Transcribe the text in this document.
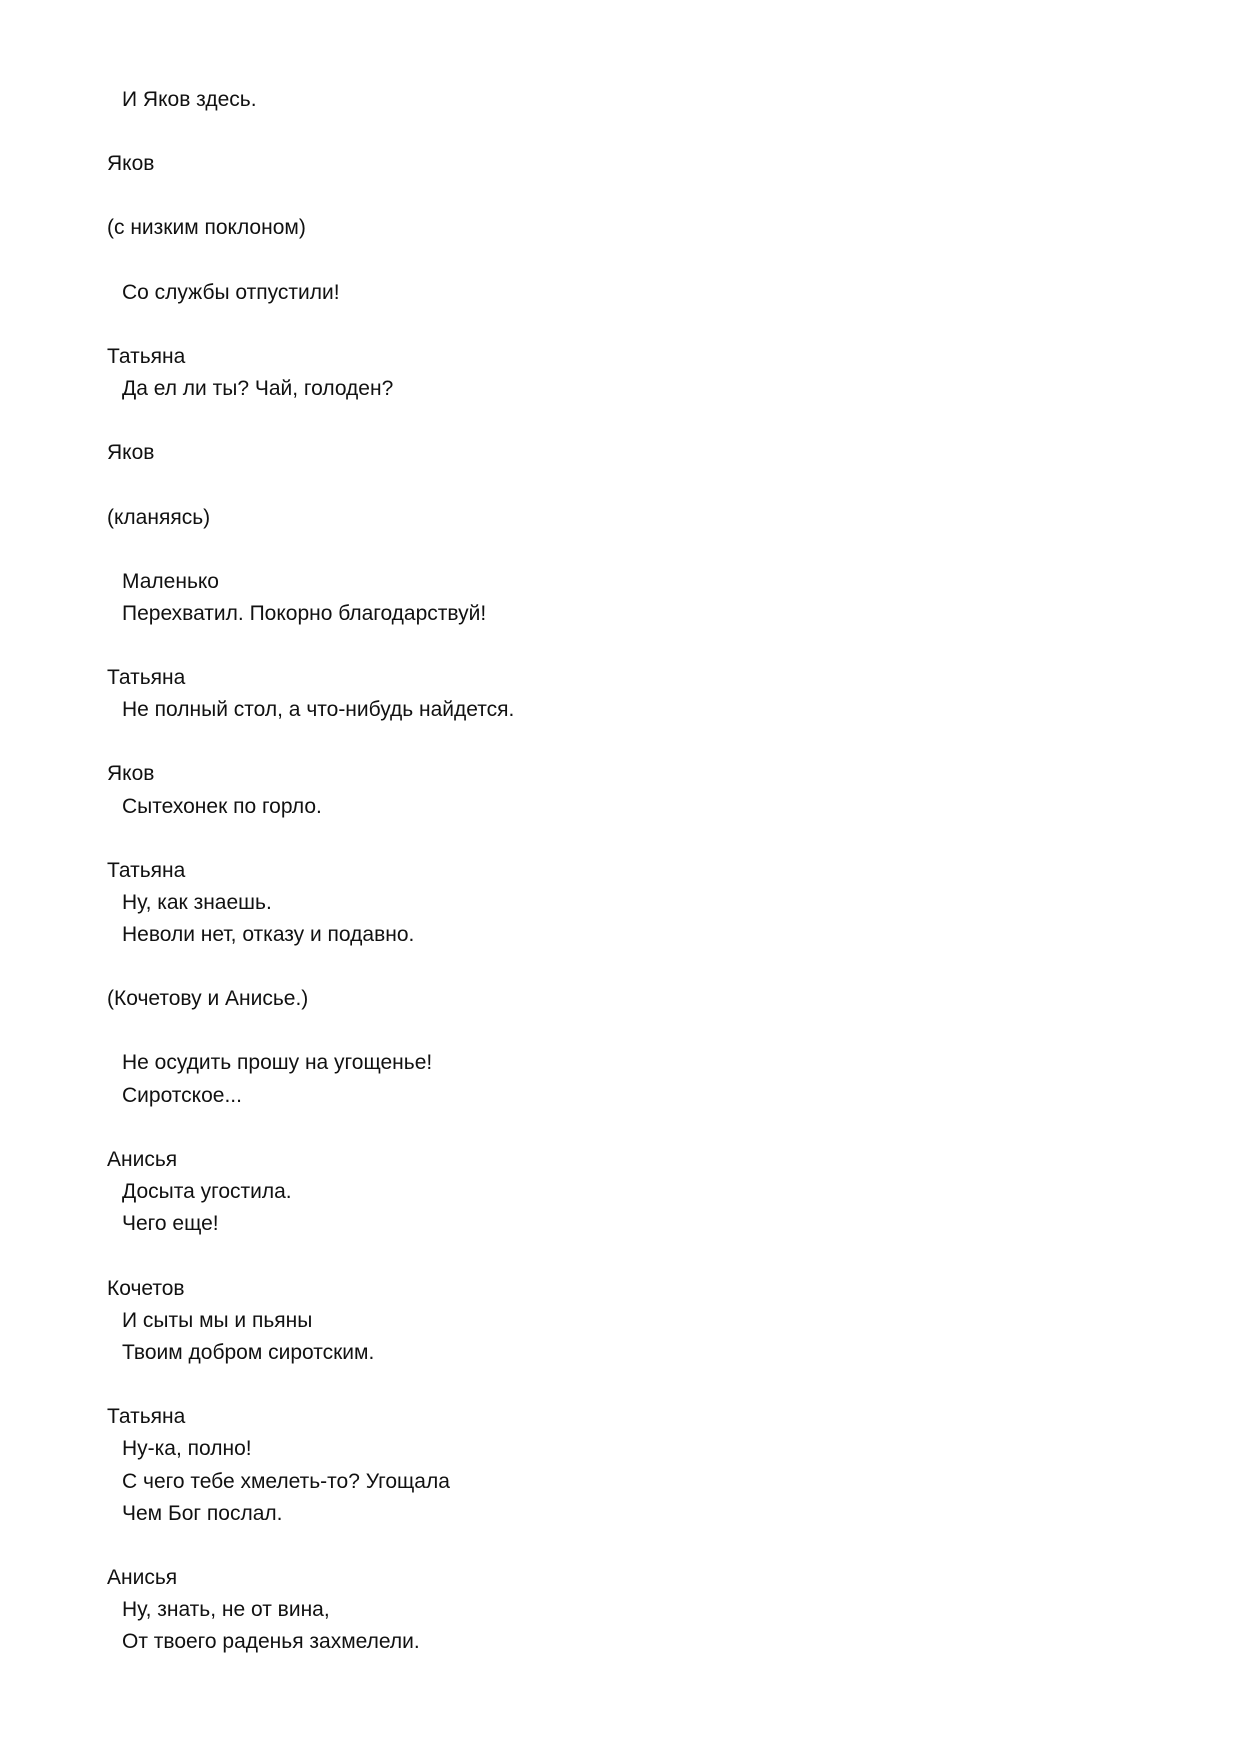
И Яков здесь.
Яков
(с низким поклоном)
Со службы отпустили!
Татьяна
Да ел ли ты? Чай, голоден?
Яков
(кланяясь)
Маленько
Перехватил. Покорно благодарствуй!
Татьяна
Не полный стол, а что-нибудь найдется.
Яков
Сытехонек по горло.
Татьяна
Ну, как знаешь.
Неволи нет, отказу и подавно.
(Кочетову и Анисье.)
Не осудить прошу на угощенье!
Сиротское...
Анисья
Досыта угостила.
Чего еще!
Кочетов
И сыты мы и пьяны
Твоим добром сиротским.
Татьяна
Ну-ка, полно!
С чего тебе хмелеть-то? Угощала
Чем Бог послал.
Анисья
Ну, знать, не от вина,
От твоего раденья захмелели.
